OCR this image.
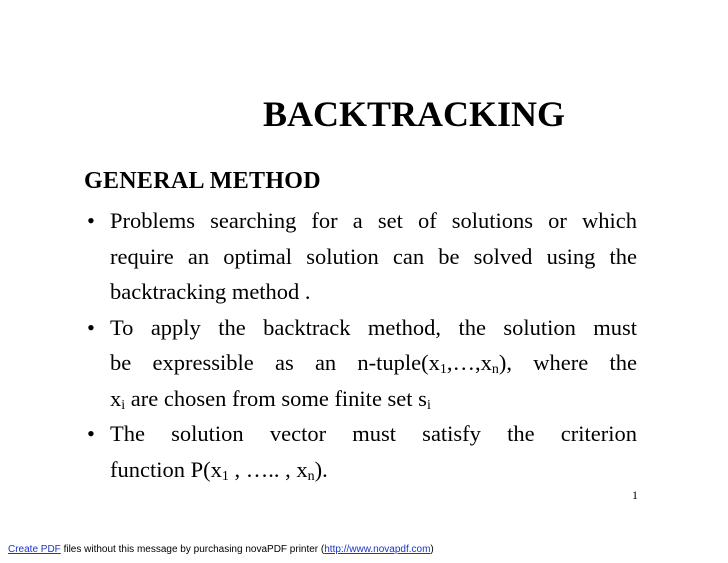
BACKTRACKING
GENERAL METHOD
• Problems searching for a set of solutions or which
require an optimal solution can be solved using the
backtracking method .
• To apply the backtrack method, the solution must
be expressible as an $n-tuple(x_1,\dots,x_n)$, where the
$x_i$ are chosen from some finite set $s_i$
• The solution vector must satisfy the criterion
function $P(x_1$ , ….. , $x_n$).
1
Create PDF files without this message by purchasing novaPDF printer (http://www.novapdf.com)
